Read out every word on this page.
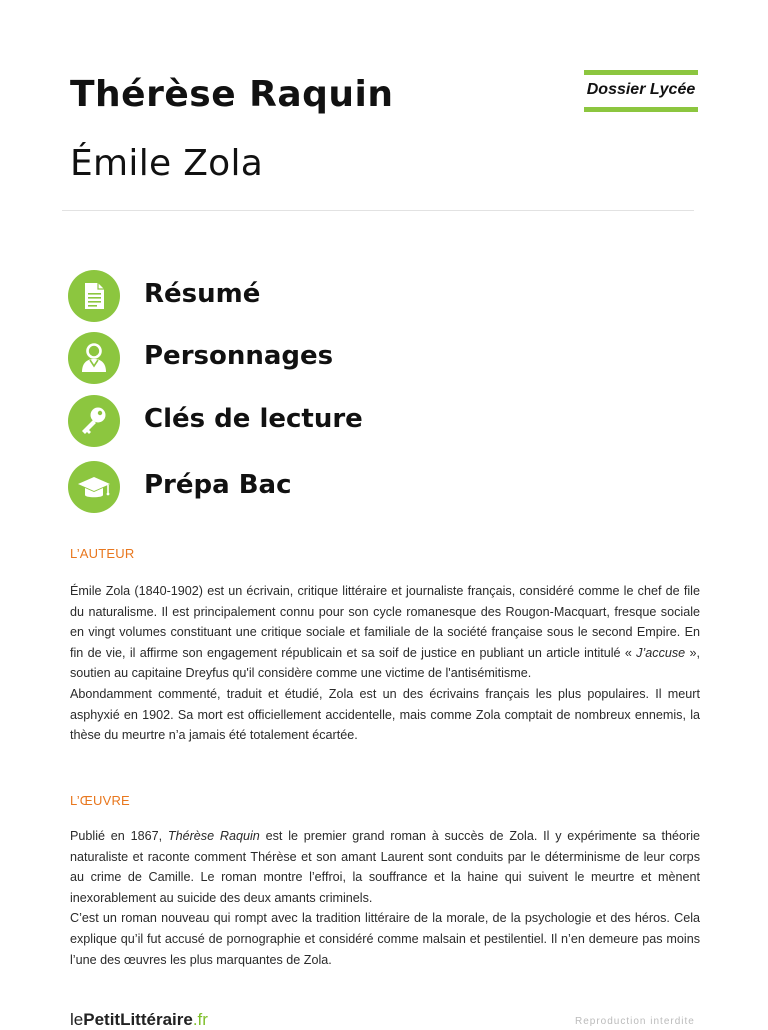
Thérèse Raquin
Émile Zola
Dossier Lycée
Résumé
Personnages
Clés de lecture
Prépa Bac
L’AUTEUR

Émile Zola (1840-1902) est un écrivain, critique littéraire et journaliste français, considéré comme le chef de file du naturalisme. Il est principalement connu pour son cycle romanesque des Rougon-Macquart, fresque sociale en vingt volumes constituant une critique sociale et familiale de la société française sous le second Empire. En fin de vie, il affirme son engagement républicain et sa soif de justice en publiant un article intitulé « J’accuse », soutien au capitaine Dreyfus qu'il considère comme une victime de l'antisémitisme.

Abondamment commenté, traduit et étudié, Zola est un des écrivains français les plus populaires. Il meurt asphyxié en 1902. Sa mort est officiellement accidentelle, mais comme Zola comptait de nombreux ennemis, la thèse du meurtre n’a jamais été totalement écartée.

L’ŒUVRE

Publié en 1867, Thérèse Raquin est le premier grand roman à succès de Zola. Il y expérimente sa théorie naturaliste et raconte comment Thérèse et son amant Laurent sont conduits par le déterminisme de leur corps au crime de Camille. Le roman montre l’effroi, la souffrance et la haine qui suivent le meurtre et mènent inexorablement au suicide des deux amants criminels.

C’est un roman nouveau qui rompt avec la tradition littéraire de la morale, de la psychologie et des héros. Cela explique qu’il fut accusé de pornographie et considéré comme malsain et pestilentiel. Il n’en demeure pas moins l’une des œuvres les plus marquantes de Zola.

lePetitLittéraire.fr	Reproduction interdite
